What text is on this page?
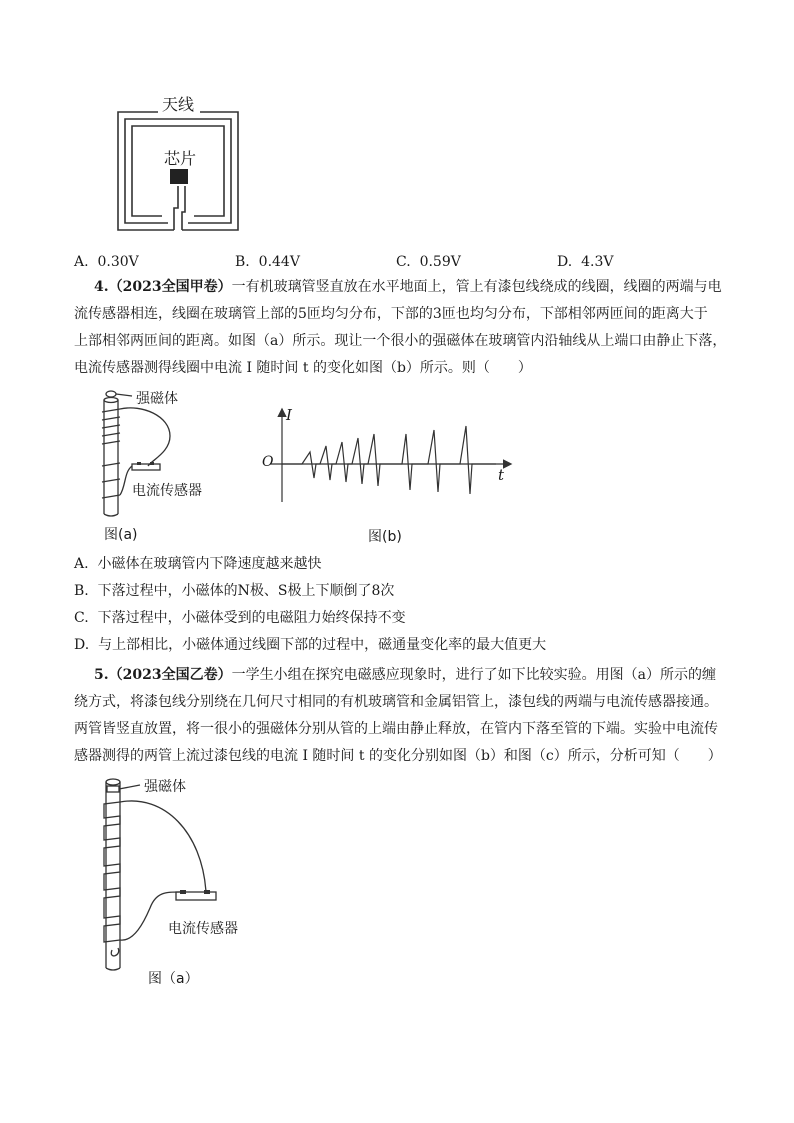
天线
芯片
A. 0.30V	B. 0.44V	C. 0.59V	D. 4.3V
4.（2023全国甲卷）一有机玻璃管竖直放在水平地面上，管上有漆包线绕成的线圈，线圈的两端与电
流传感器相连，线圈在玻璃管上部的5匝均匀分布，下部的3匝也均匀分布，下部相邻两匝间的距离大于
上部相邻两匝间的距离。如图（a）所示。现让一个很小的强磁体在玻璃管内沿轴线从上端口由静止下落，
电流传感器测得线圈中电流 I 随时间 t 的变化如图（b）所示。则（　　）
强磁体
电流传感器
图(a)
I
t
O
图(b)
A. 小磁体在玻璃管内下降速度越来越快
B. 下落过程中，小磁体的N极、S极上下顺倒了8次
C. 下落过程中，小磁体受到的电磁阻力始终保持不变
D. 与上部相比，小磁体通过线圈下部的过程中，磁通量变化率的最大值更大
5.（2023全国乙卷）一学生小组在探究电磁感应现象时，进行了如下比较实验。用图（a）所示的缠
绕方式，将漆包线分别绕在几何尺寸相同的有机玻璃管和金属铝管上，漆包线的两端与电流传感器接通。
两管皆竖直放置，将一很小的强磁体分别从管的上端由静止释放，在管内下落至管的下端。实验中电流传
感器测得的两管上流过漆包线的电流 I 随时间 t 的变化分别如图（b）和图（c）所示，分析可知（　　）
强磁体
电流传感器
图（a）
